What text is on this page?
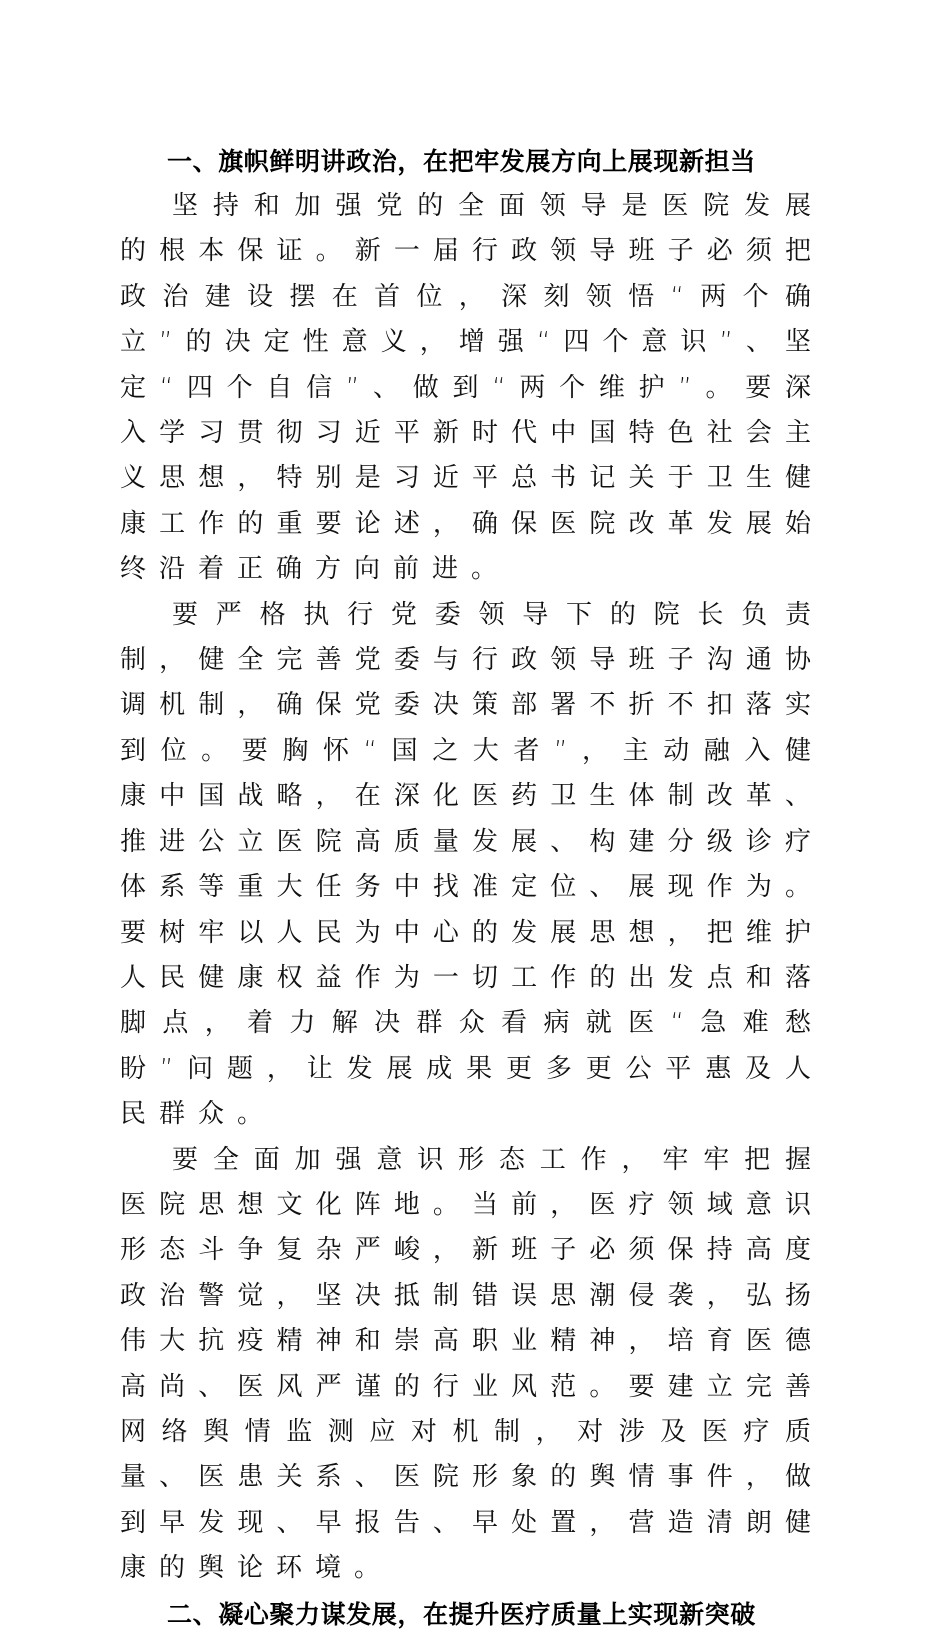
一、旗帜鲜明讲政治，在把牢发展方向上展现新担当

坚持和加强党的全面领导是医院发展的根本保证。新一届行政领导班子必须把政治建设摆在首位，深刻领悟“两个确立”的决定性意义，增强“四个意识”、坚定“四个自信”、做到“两个维护”。要深入学习贯彻习近平新时代中国特色社会主义思想，特别是习近平总书记关于卫生健康工作的重要论述，确保医院改革发展始终沿着正确方向前进。

要严格执行党委领导下的院长负责制，健全完善党委与行政领导班子沟通协调机制，确保党委决策部署不折不扣落实到位。要胸怀“国之大者”，主动融入健康中国战略，在深化医药卫生体制改革、推进公立医院高质量发展、构建分级诊疗体系等重大任务中找准定位、展现作为。要树牢以人民为中心的发展思想，把维护人民健康权益作为一切工作的出发点和落脚点，着力解决群众看病就医“急难愁盼”问题，让发展成果更多更公平惠及人民群众。

要全面加强意识形态工作，牢牢把握医院思想文化阵地。当前，医疗领域意识形态斗争复杂严峻，新班子必须保持高度政治警觉，坚决抵制错误思潮侵袭，弘扬伟大抗疫精神和崇高职业精神，培育医德高尚、医风严谨的行业风范。要建立完善网络舆情监测应对机制，对涉及医疗质量、医患关系、医院形象的舆情事件，做到早发现、早报告、早处置，营造清朗健康的舆论环境。

二、凝心聚力谋发展，在提升医疗质量上实现新突破
